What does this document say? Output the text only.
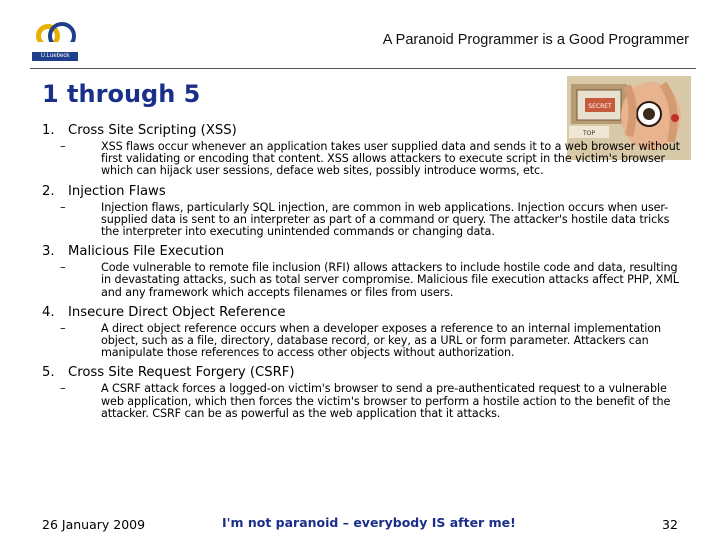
U.Luebeck
A Paranoid Programmer is a Good Programmer
1 through 5	SECRET
TOP
1. Cross Site Scripting (XSS)
–	XSS flaws occur whenever an application takes user supplied data and sends it to a web browser without first validating or encoding that content. XSS allows attackers to execute script in the victim's browser which can hijack user sessions, deface web sites, possibly introduce worms, etc.
2. Injection Flaws
–	Injection flaws, particularly SQL injection, are common in web applications. Injection occurs when user-supplied data is sent to an interpreter as part of a command or query. The attacker's hostile data tricks the interpreter into executing unintended commands or changing data.
3. Malicious File Execution
–	Code vulnerable to remote file inclusion (RFI) allows attackers to include hostile code and data, resulting in devastating attacks, such as total server compromise. Malicious file execution attacks affect PHP, XML and any framework which accepts filenames or files from users.
4. Insecure Direct Object Reference
–	A direct object reference occurs when a developer exposes a reference to an internal implementation object, such as a file, directory, database record, or key, as a URL or form parameter. Attackers can manipulate those references to access other objects without authorization.
5. Cross Site Request Forgery (CSRF)
–	A CSRF attack forces a logged-on victim's browser to send a pre-authenticated request to a vulnerable web application, which then forces the victim's browser to perform a hostile action to the benefit of the attacker. CSRF can be as powerful as the web application that it attacks.
26 January 2009	I'm not paranoid – everybody IS after me!	32
